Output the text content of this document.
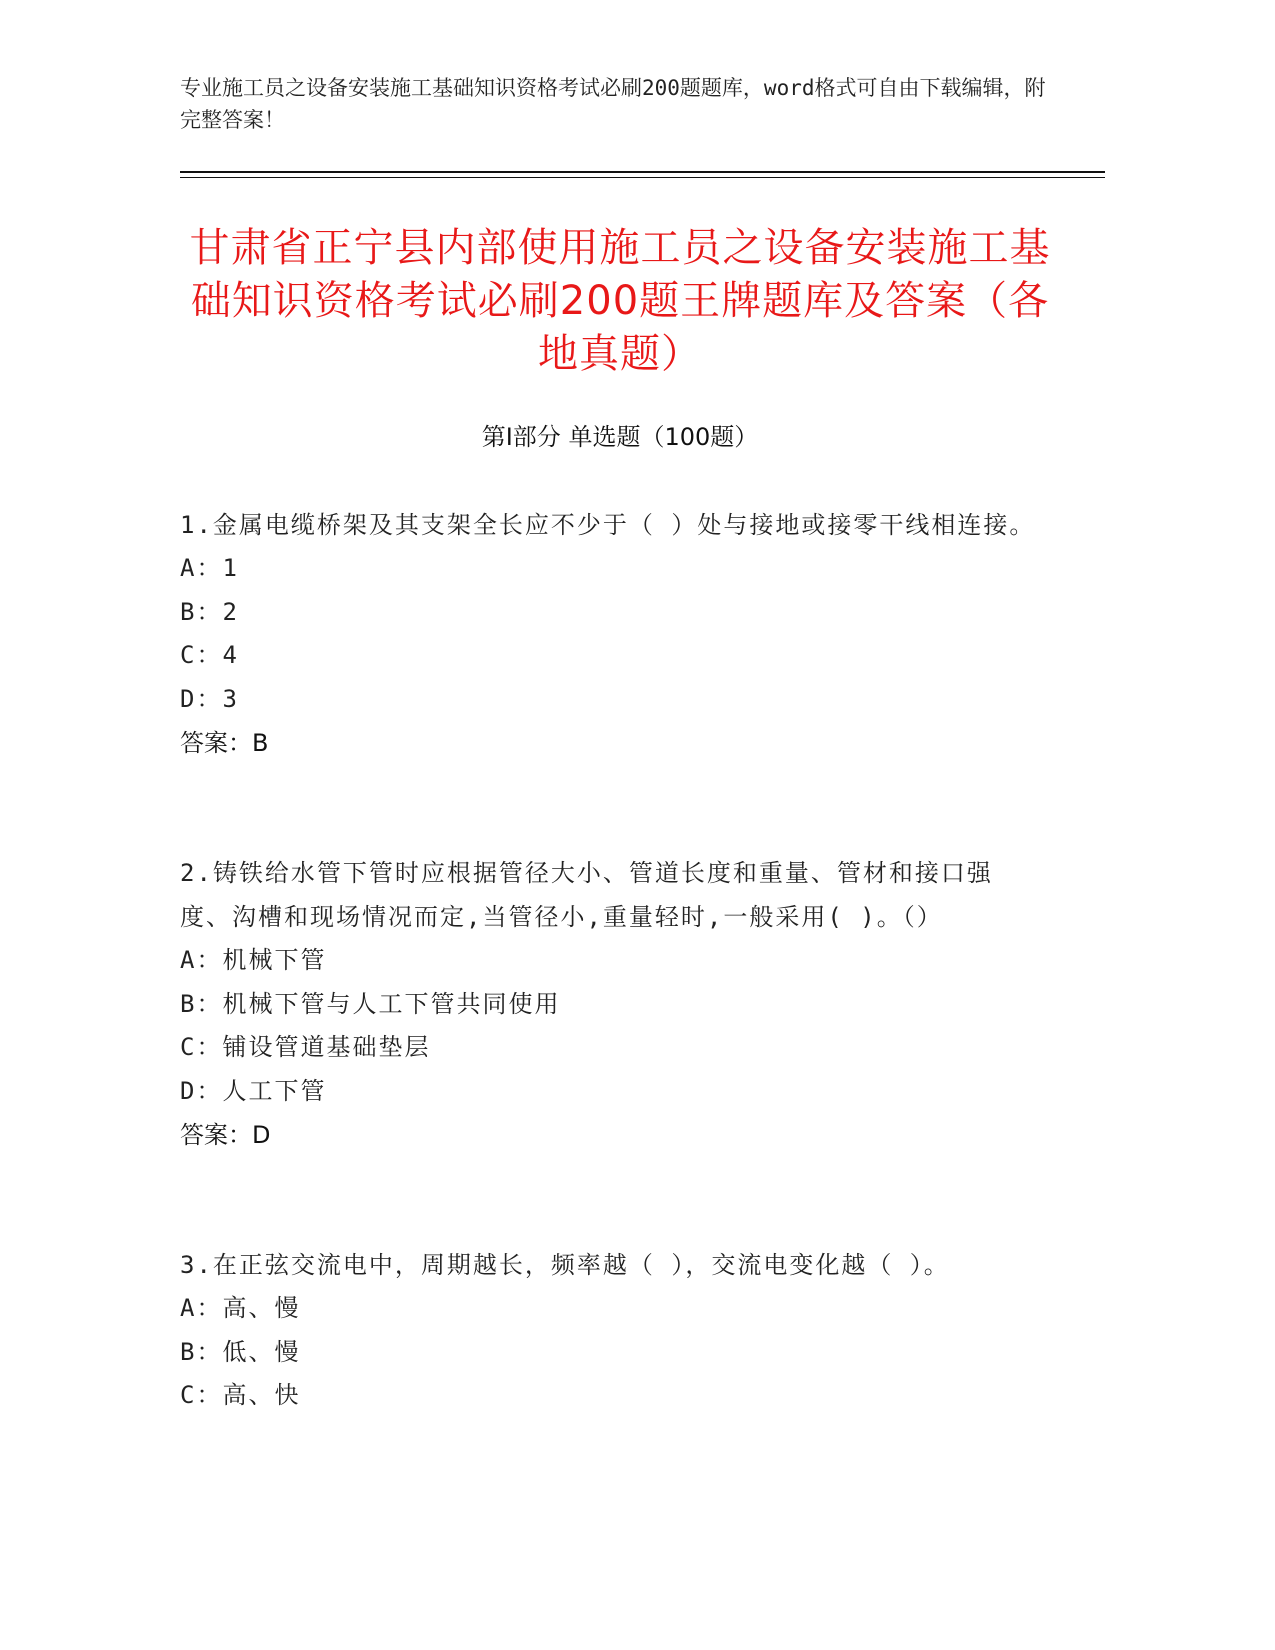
专业施工员之设备安装施工基础知识资格考试必刷200题题库，word格式可自由下载编辑，附完整答案！
甘肃省正宁县内部使用施工员之设备安装施工基础知识资格考试必刷200题王牌题库及答案（各地真题）
第Ⅰ部分 单选题（100题）
1.金属电缆桥架及其支架全长应不少于（ ）处与接地或接零干线相连接。
A：1
B：2
C：4
D：3
答案：B
2.铸铁给水管下管时应根据管径大小、管道长度和重量、管材和接口强度、沟槽和现场情况而定,当管径小,重量轻时,一般采用( )。（）
A：机械下管
B：机械下管与人工下管共同使用
C：铺设管道基础垫层
D：人工下管
答案：D
3.在正弦交流电中，周期越长，频率越（ ），交流电变化越（ ）。
A：高、慢
B：低、慢
C：高、快
